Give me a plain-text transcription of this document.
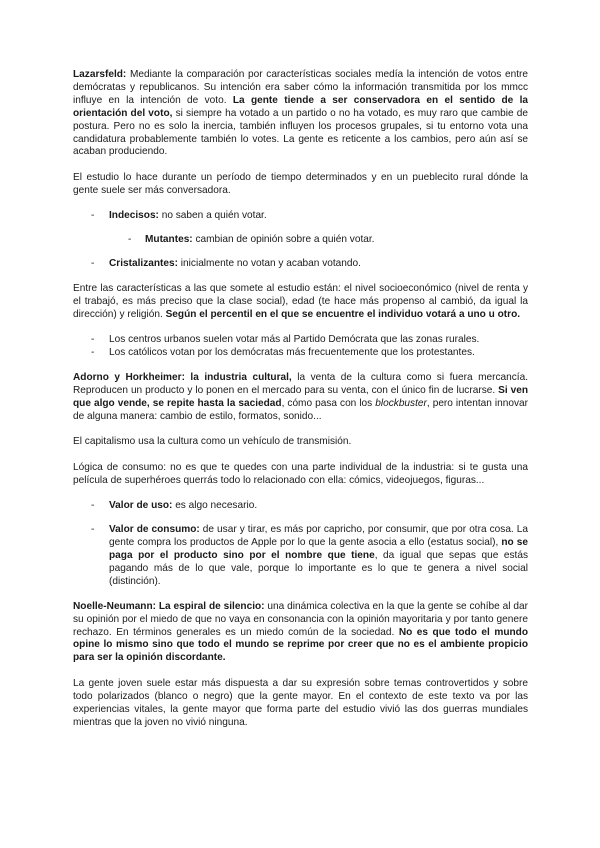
Lazarsfeld: Mediante la comparación por características sociales medía la intención de votos entre demócratas y republicanos. Su intención era saber cómo la información transmitida por los mmcc influye en la intención de voto. La gente tiende a ser conservadora en el sentido de la orientación del voto, si siempre ha votado a un partido o no ha votado, es muy raro que cambie de postura. Pero no es solo la inercia, también influyen los procesos grupales, si tu entorno vota una candidatura probablemente también lo votes. La gente es reticente a los cambios, pero aún así se acaban produciendo.

El estudio lo hace durante un período de tiempo determinados y en un pueblecito rural dónde la gente suele ser más conversadora.

- Indecisos: no saben a quién votar.
- Mutantes: cambian de opinión sobre a quién votar.
- Cristalizantes: inicialmente no votan y acaban votando.

Entre las características a las que somete al estudio están: el nivel socioeconómico (nivel de renta y el trabajó, es más preciso que la clase social), edad (te hace más propenso al cambió, da igual la dirección) y religión. Según el percentil en el que se encuentre el individuo votará a uno u otro.

- Los centros urbanos suelen votar más al Partido Demócrata que las zonas rurales.
- Los católicos votan por los demócratas más frecuentemente que los protestantes.

Adorno y Horkheimer: la industria cultural, la venta de la cultura como si fuera mercancía. Reproducen un producto y lo ponen en el mercado para su venta, con el único fin de lucrarse. Si ven que algo vende, se repite hasta la saciedad, cómo pasa con los blockbuster, pero intentan innovar de alguna manera: cambio de estilo, formatos, sonido...

El capitalismo usa la cultura como un vehículo de transmisión.

Lógica de consumo: no es que te quedes con una parte individual de la industria: si te gusta una película de superhéroes querrás todo lo relacionado con ella: cómics, videojuegos, figuras...

- Valor de uso: es algo necesario.
- Valor de consumo: de usar y tirar, es más por capricho, por consumir, que por otra cosa. La gente compra los productos de Apple por lo que la gente asocia a ello (estatus social), no se paga por el producto sino por el nombre que tiene, da igual que sepas que estás pagando más de lo que vale, porque lo importante es lo que te genera a nivel social (distinción).

Noelle-Neumann: La espiral de silencio: una dinámica colectiva en la que la gente se cohíbe al dar su opinión por el miedo de que no vaya en consonancia con la opinión mayoritaria y por tanto genere rechazo. En términos generales es un miedo común de la sociedad. No es que todo el mundo opine lo mismo sino que todo el mundo se reprime por creer que no es el ambiente propicio para ser la opinión discordante.

La gente joven suele estar más dispuesta a dar su expresión sobre temas controvertidos y sobre todo polarizados (blanco o negro) que la gente mayor. En el contexto de este texto va por las experiencias vitales, la gente mayor que forma parte del estudio vivió las dos guerras mundiales mientras que la joven no vivió ninguna.
